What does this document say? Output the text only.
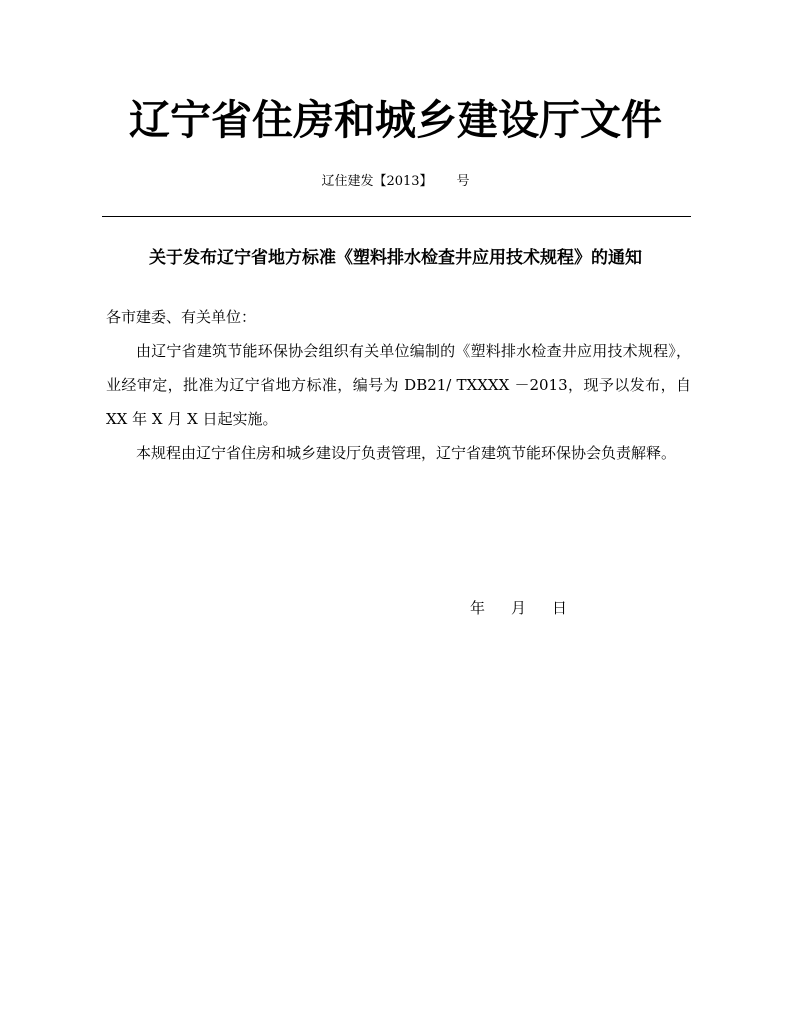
辽宁省住房和城乡建设厅文件
辽住建发【2013】 号
关于发布辽宁省地方标准《塑料排水检查井应用技术规程》的通知

各市建委、有关单位：

由辽宁省建筑节能环保协会组织有关单位编制的《塑料排水检查井应用技术规程》，业经审定，批准为辽宁省地方标准，编号为 DB21/ TXXXX －2013，现予以发布，自 XX 年 X 月 X 日起实施。

本规程由辽宁省住房和城乡建设厅负责管理，辽宁省建筑节能环保协会负责解释。

年 月 日
